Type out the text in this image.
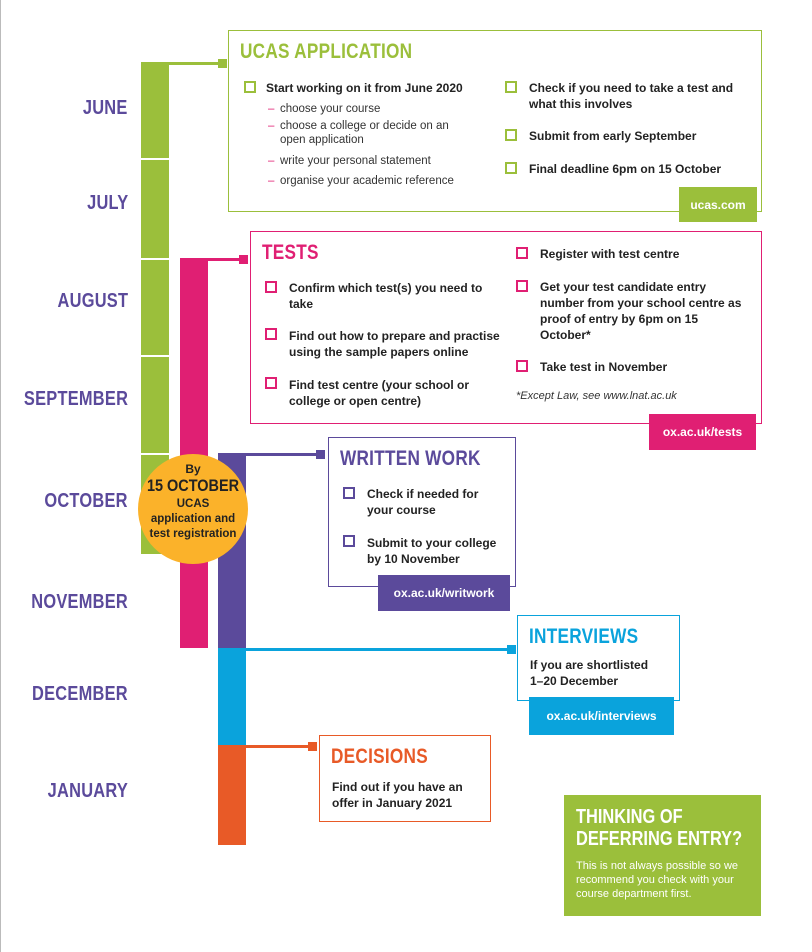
JUNE
JULY
AUGUST
SEPTEMBER
OCTOBER
NOVEMBER
DECEMBER
JANUARY
By
15 OCTOBER
UCAS application and test registration
UCAS APPLICATION
Start working on it from June 2020
– choose your course
– choose a college or decide on an open application
– write your personal statement
– organise your academic reference
Check if you need to take a test and what this involves
Submit from early September
Final deadline 6pm on 15 October
ucas.com
TESTS
Confirm which test(s) you need to take
Find out how to prepare and practise using the sample papers online
Find test centre (your school or college or open centre)
Register with test centre
Get your test candidate entry number from your school centre as proof of entry by 6pm on 15 October*
Take test in November
*Except Law, see www.lnat.ac.uk
ox.ac.uk/tests
WRITTEN WORK
Check if needed for your course
Submit to your college by 10 November
ox.ac.uk/writwork
INTERVIEWS
If you are shortlisted 1–20 December
ox.ac.uk/interviews
DECISIONS
Find out if you have an offer in January 2021
THINKING OF DEFERRING ENTRY?
This is not always possible so we recommend you check with your course department first.
